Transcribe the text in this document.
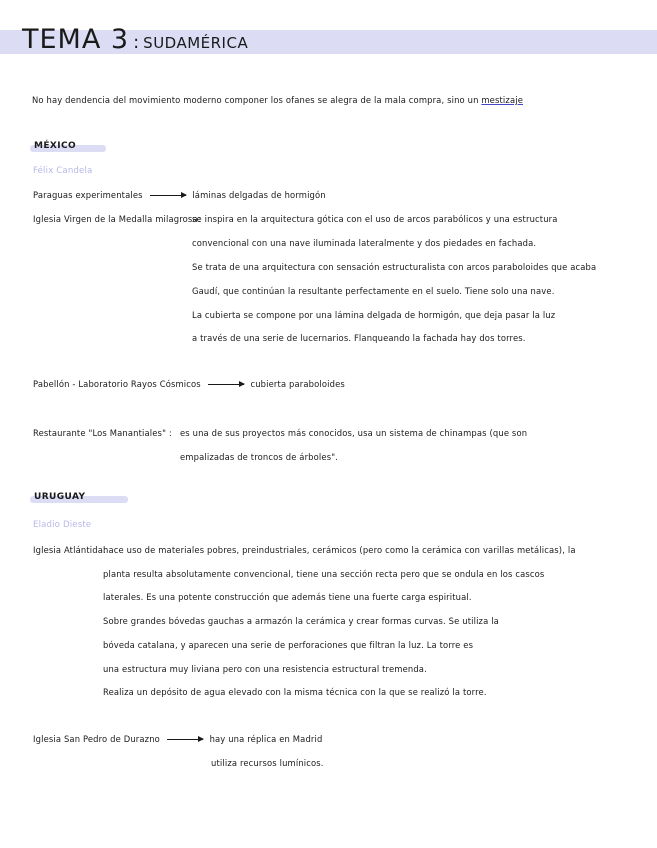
TEMA 3 : SUDAMÉRICA
No hay dendencia del movimiento moderno componer los ofanes se alegra de la mala compra, sino un mestizaje
MÉXICO
Félix Candela
Paraguas experimentales	láminas delgadas de hormigón
Iglesia Virgen de la Medalla milagrosa:
se inspira en la arquitectura gótica con el uso de arcos parabólicos y una estructura
convencional con una nave iluminada lateralmente y dos piedades en fachada.
Se trata de una arquitectura con sensación estructuralista con arcos paraboloides que acaba
Gaudí, que continúan la resultante perfectamente en el suelo. Tiene solo una nave.
La cubierta se compone por una lámina delgada de hormigón, que deja pasar la luz
a través de una serie de lucernarios. Flanqueando la fachada hay dos torres.
Pabellón - Laboratorio Rayos Cósmicos	cubierta paraboloides
Restaurante "Los Manantiales" : es una de sus proyectos más conocidos, usa un sistema de chinampas (que son
empalizadas de troncos de árboles".
URUGUAY
Eladio Dieste
Iglesia Atlántida:
hace uso de materiales pobres, preindustriales, cerámicos (pero como la cerámica con varillas metálicas), la
planta resulta absolutamente convencional, tiene una sección recta pero que se ondula en los cascos
laterales. Es una potente construcción que además tiene una fuerte carga espiritual.
Sobre grandes bóvedas gauchas a armazón la cerámica y crear formas curvas. Se utiliza la
bóveda catalana, y aparecen una serie de perforaciones que filtran la luz. La torre es
una estructura muy liviana pero con una resistencia estructural tremenda.
Realiza un depósito de agua elevado con la misma técnica con la que se realizó la torre.
Iglesia San Pedro de Durazno	hay una réplica en Madrid
utiliza recursos lumínicos.
